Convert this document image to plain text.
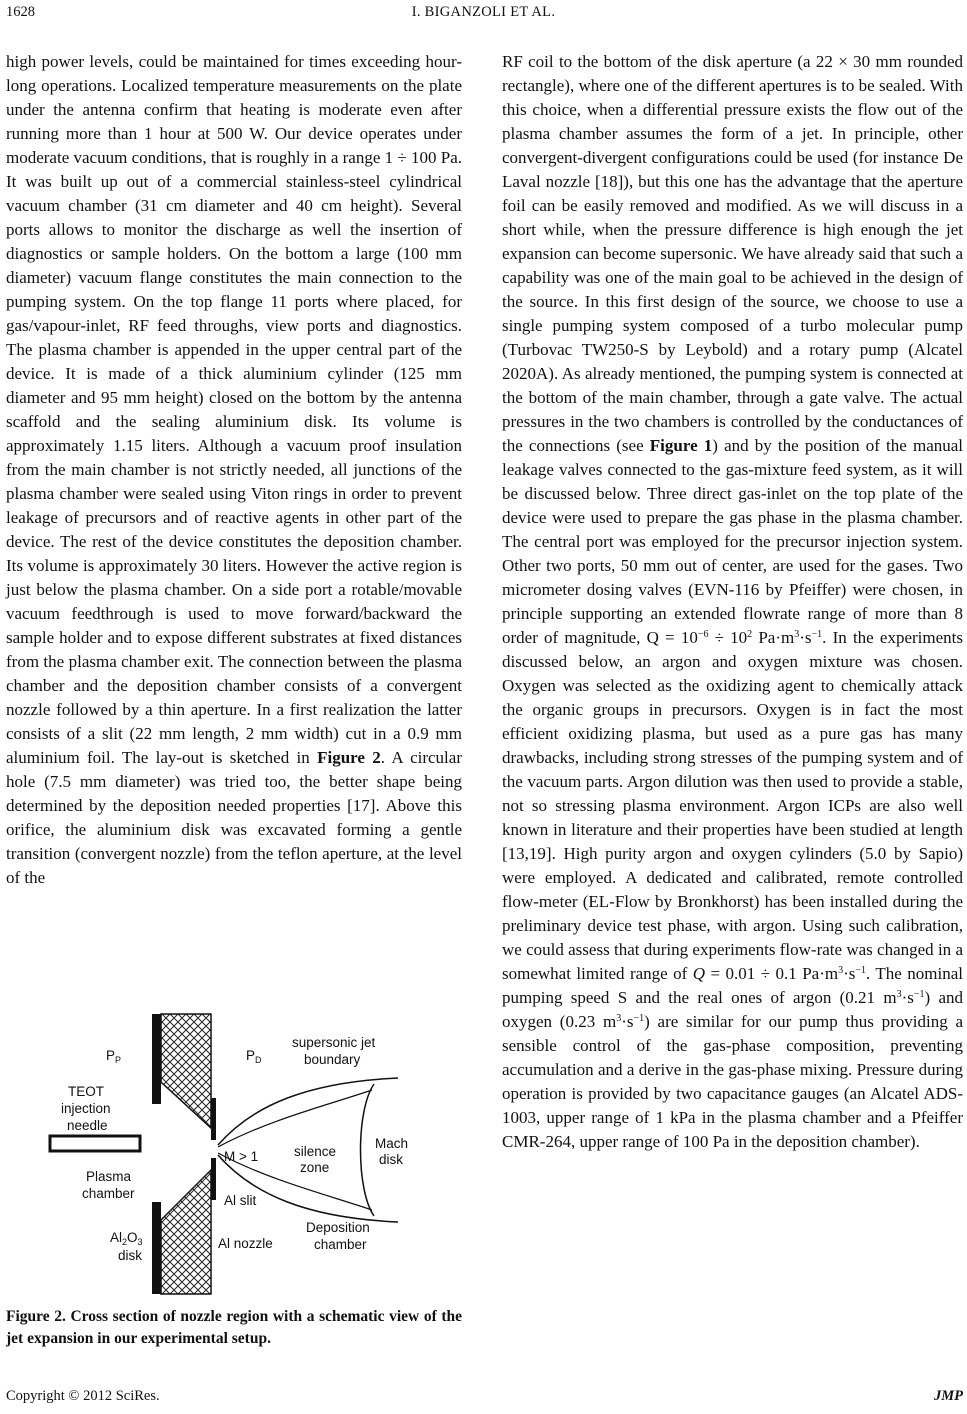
1628	I. BIGANZOLI ET AL.

high power levels, could be maintained for times exceeding hour-long operations. Localized temperature measurements on the plate under the antenna confirm that heating is moderate even after running more than 1 hour at 500 W. Our device operates under moderate vacuum conditions, that is roughly in a range 1 ÷ 100 Pa. It was built up out of a commercial stainless-steel cylindrical vacuum chamber (31 cm diameter and 40 cm height). Several ports allows to monitor the discharge as well the insertion of diagnostics or sample holders. On the bottom a large (100 mm diameter) vacuum flange constitutes the main connection to the pumping system. On the top flange 11 ports where placed, for gas/vapour-inlet, RF feed throughs, view ports and diagnostics. The plasma chamber is appended in the upper central part of the device. It is made of a thick aluminium cylinder (125 mm diameter and 95 mm height) closed on the bottom by the antenna scaffold and the sealing aluminium disk. Its volume is approximately 1.15 liters. Although a vacuum proof insulation from the main chamber is not strictly needed, all junctions of the plasma chamber were sealed using Viton rings in order to prevent leakage of precursors and of reactive agents in other part of the device. The rest of the device constitutes the deposition chamber. Its volume is approximately 30 liters. However the active region is just below the plasma chamber. On a side port a rotable/movable vacuum feedthrough is used to move forward/backward the sample holder and to expose different substrates at fixed distances from the plasma chamber exit. The connection between the plasma chamber and the deposition chamber consists of a convergent nozzle followed by a thin aperture. In a first realization the latter consists of a slit (22 mm length, 2 mm width) cut in a 0.9 mm aluminium foil. The lay-out is sketched in Figure 2. A circular hole (7.5 mm diameter) was tried too, the better shape being determined by the deposition needed properties [17]. Above this orifice, the aluminium disk was excavated forming a gentle transition (convergent nozzle) from the teflon aperture, at the level of the

$P_P$	$P_D$
supersonic jet
boundary
TEOT
injection
needle
M > 1	silence
zone
Mach
disk
Plasma
chamber	Al slit
$Al_2O_3$
disk
Al nozzle
Deposition
chamber
Figure 2. Cross section of nozzle region with a schematic view of the jet expansion in our experimental setup.

RF coil to the bottom of the disk aperture (a 22 × 30 mm rounded rectangle), where one of the different apertures is to be sealed. With this choice, when a differential pressure exists the flow out of the plasma chamber assumes the form of a jet. In principle, other convergent-divergent configurations could be used (for instance De Laval nozzle [18]), but this one has the advantage that the aperture foil can be easily removed and modified. As we will discuss in a short while, when the pressure difference is high enough the jet expansion can become supersonic. We have already said that such a capability was one of the main goal to be achieved in the design of the source. In this first design of the source, we choose to use a single pumping system composed of a turbo molecular pump (Turbovac TW250-S by Leybold) and a rotary pump (Alcatel 2020A). As already mentioned, the pumping system is connected at the bottom of the main chamber, through a gate valve. The actual pressures in the two chambers is controlled by the conductances of the connections (see Figure 1) and by the position of the manual leakage valves connected to the gas-mixture feed system, as it will be discussed below. Three direct gas-inlet on the top plate of the device were used to prepare the gas phase in the plasma chamber. The central port was employed for the precursor injection system. Other two ports, 50 mm out of center, are used for the gases. Two micrometer dosing valves (EVN-116 by Pfeiffer) were chosen, in principle supporting an extended flowrate range of more than 8 order of magnitude, $Q = 10^{-6} \div 10^2$ $Pa\cdot m^3\cdot s^{-1}$. In the experiments discussed below, an argon and oxygen mixture was chosen. Oxygen was selected as the oxidizing agent to chemically attack the organic groups in precursors. Oxygen is in fact the most efficient oxidizing plasma, but used as a pure gas has many drawbacks, including strong stresses of the pumping system and of the vacuum parts. Argon dilution was then used to provide a stable, not so stressing plasma environment. Argon ICPs are also well known in literature and their properties have been studied at length [13,19]. High purity argon and oxygen cylinders (5.0 by Sapio) were employed. A dedicated and calibrated, remote controlled flow-meter (EL-Flow by Bronkhorst) has been installed during the preliminary device test phase, with argon. Using such calibration, we could assess that during experiments flow-rate was changed in a somewhat limited range of Q = 0.01 ÷ 0.1 $Pa\cdot m^3\cdot s^{-1}$. The nominal pumping speed S and the real ones of argon (0.21 $m^3\cdot s^{-1}$) and oxygen (0.23 $m^3\cdot s^{-1}$) are similar for our pump thus providing a sensible control of the gas-phase composition, preventing accumulation and a derive in the gas-phase mixing. Pressure during operation is provided by two capacitance gauges (an Alcatel ADS-1003, upper range of 1 kPa in the plasma chamber and a Pfeiffer CMR-264, upper range of 100 Pa in the deposition chamber).

Copyright © 2012 SciRes.	JMP
